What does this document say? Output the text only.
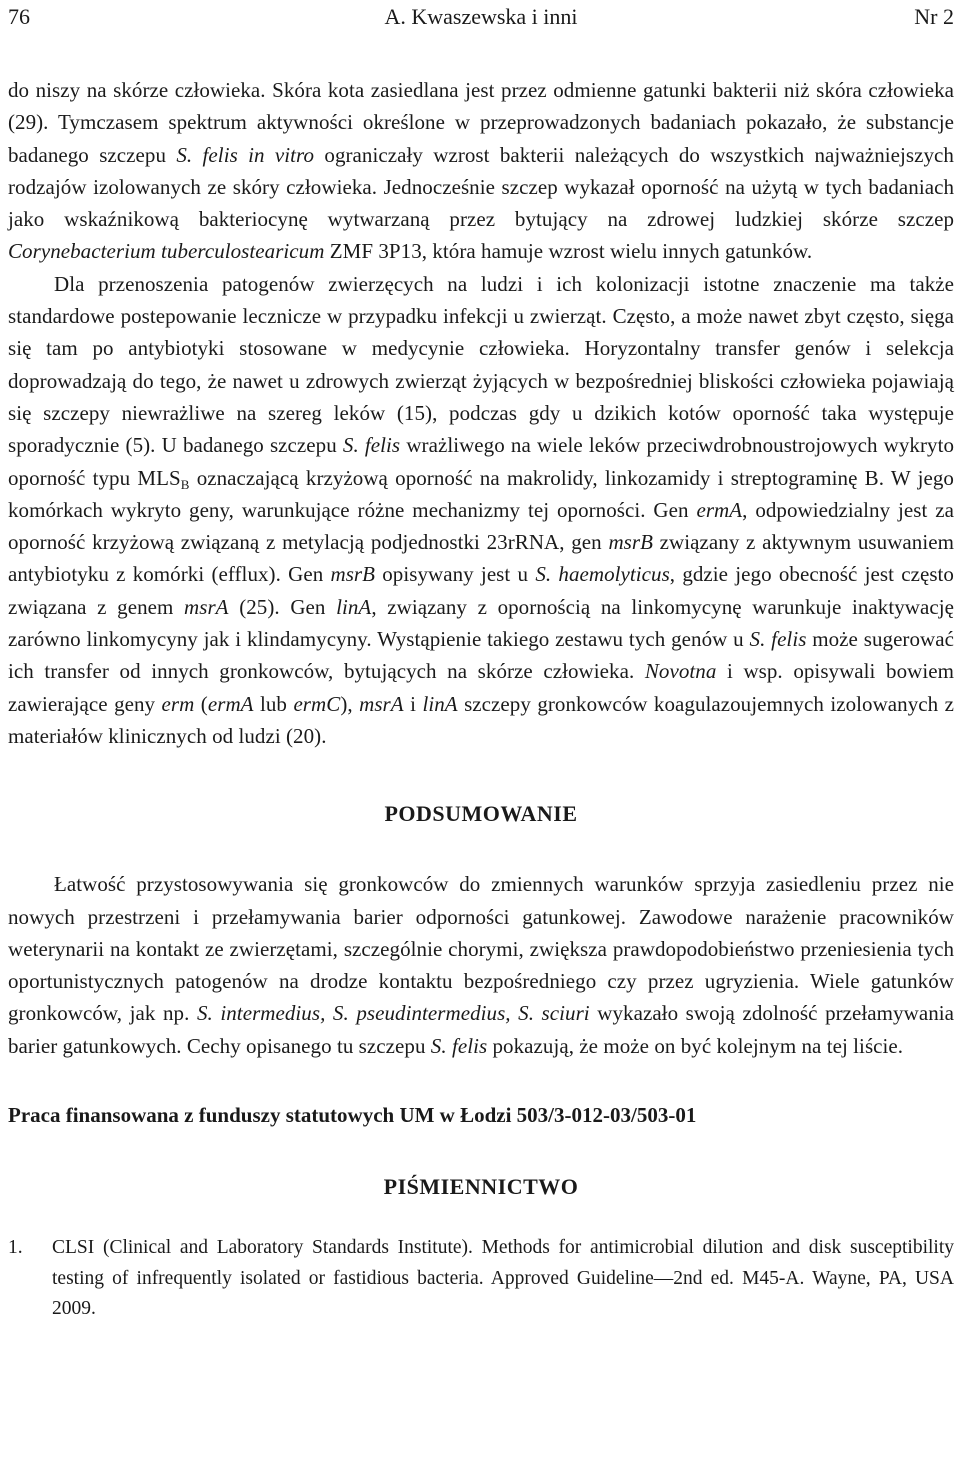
76	A. Kwaszewska i inni	Nr 2

do niszy na skórze człowieka. Skóra kota zasiedlana jest przez odmienne gatunki bakterii niż skóra człowieka (29). Tymczasem spektrum aktywności określone w przeprowadzonych badaniach pokazało, że substancje badanego szczepu S. felis in vitro ograniczały wzrost bakterii należących do wszystkich najważniejszych rodzajów izolowanych ze skóry człowieka. Jednocześnie szczep wykazał oporność na użytą w tych badaniach jako wskaźnikową bakteriocynę wytwarzaną przez bytujący na zdrowej ludzkiej skórze szczep Corynebacterium tuberculostearicum ZMF 3P13, która hamuje wzrost wielu innych gatunków.

Dla przenoszenia patogenów zwierzęcych na ludzi i ich kolonizacji istotne znaczenie ma także standardowe postepowanie lecznicze w przypadku infekcji u zwierząt. Często, a może nawet zbyt często, sięga się tam po antybiotyki stosowane w medycynie człowieka. Horyzontalny transfer genów i selekcja doprowadzają do tego, że nawet u zdrowych zwierząt żyjących w bezpośredniej bliskości człowieka pojawiają się szczepy niewrażliwe na szereg leków (15), podczas gdy u dzikich kotów oporność taka występuje sporadycznie (5). U badanego szczepu S. felis wrażliwego na wiele leków przeciwdrobnoustrojowych wykryto oporność typu $MLS_B$ oznaczającą krzyżową oporność na makrolidy, linkozamidy i streptograminę B. W jego komórkach wykryto geny, warunkujące różne mechanizmy tej oporności. Gen ermA, odpowiedzialny jest za oporność krzyżową związaną z metylacją podjednostki 23rRNA, gen msrB związany z aktywnym usuwaniem antybiotyku z komórki (efflux). Gen msrB opisywany jest u S. haemolyticus, gdzie jego obecność jest często związana z genem msrA (25). Gen linA, związany z opornością na linkomycynę warunkuje inaktywację zarówno linkomycyny jak i klindamycyny. Wystąpienie takiego zestawu tych genów u S. felis może sugerować ich transfer od innych gronkowców, bytujących na skórze człowieka. Novotna i wsp. opisywali bowiem zawierające geny erm (ermA lub ermC), msrA i linA szczepy gronkowców koagulazoujemnych izolowanych z materiałów klinicznych od ludzi (20).

PODSUMOWANIE

Łatwość przystosowywania się gronkowców do zmiennych warunków sprzyja zasiedleniu przez nie nowych przestrzeni i przełamywania barier odporności gatunkowej. Zawodowe narażenie pracowników weterynarii na kontakt ze zwierzętami, szczególnie chorymi, zwiększa prawdopodobieństwo przeniesienia tych oportunistycznych patogenów na drodze kontaktu bezpośredniego czy przez ugryzienia. Wiele gatunków gronkowców, jak np. S. intermedius, S. pseudintermedius, S. sciuri wykazało swoją zdolność przełamywania barier gatunkowych. Cechy opisanego tu szczepu S. felis pokazują, że może on być kolejnym na tej liście.

Praca finansowana z funduszy statutowych UM w Łodzi 503/3-012-03/503-01

PIŚMIENNICTWO
1.	CLSI (Clinical and Laboratory Standards Institute). Methods for antimicrobial dilution and disk susceptibility testing of infrequently isolated or fastidious bacteria. Approved Guideline—2nd ed. M45-A. Wayne, PA, USA 2009.
